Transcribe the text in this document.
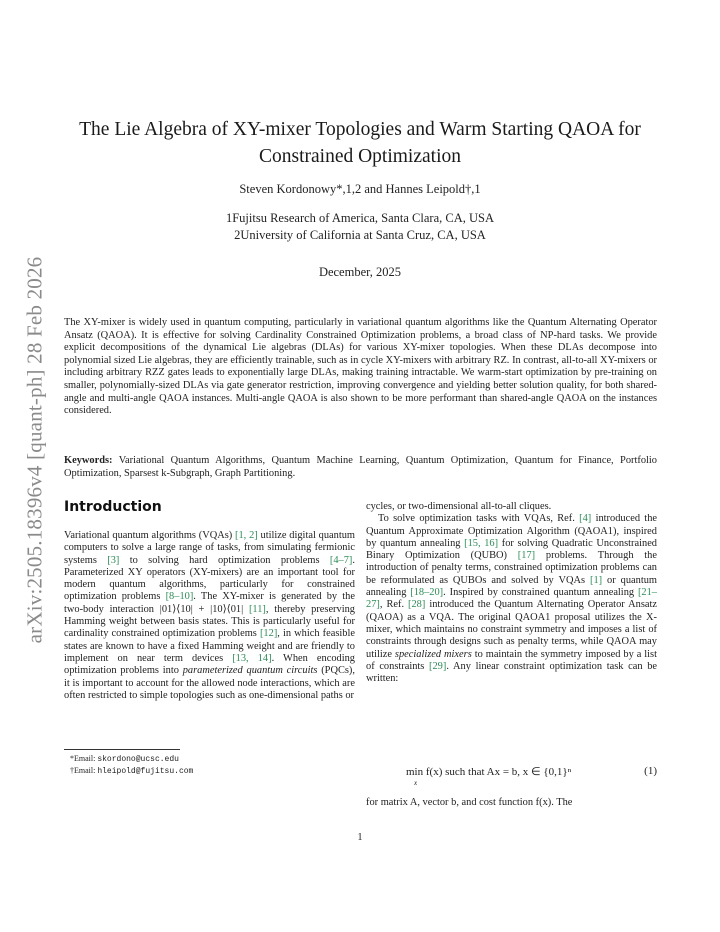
arXiv:2505.18396v4 [quant-ph] 28 Feb 2026
The Lie Algebra of XY-mixer Topologies and Warm Starting QAOA for Constrained Optimization
Steven Kordonowy*,1,2 and Hannes Leipold†,1
1Fujitsu Research of America, Santa Clara, CA, USA
2University of California at Santa Cruz, CA, USA
December, 2025
The XY-mixer is widely used in quantum computing, particularly in variational quantum algorithms like the Quantum Alternating Operator Ansatz (QAOA). It is effective for solving Cardinality Constrained Optimization problems, a broad class of NP-hard tasks. We provide explicit decompositions of the dynamical Lie algebras (DLAs) for various XY-mixer topologies. When these DLAs decompose into polynomial sized Lie algebras, they are efficiently trainable, such as in cycle XY-mixers with arbitrary RZ. In contrast, all-to-all XY-mixers or including arbitrary RZZ gates leads to exponentially large DLAs, making training intractable. We warm-start optimization by pre-training on smaller, polynomially-sized DLAs via gate generator restriction, improving convergence and yielding better solution quality, for both shared-angle and multi-angle QAOA instances. Multi-angle QAOA is also shown to be more performant than shared-angle QAOA on the instances considered.
Keywords: Variational Quantum Algorithms, Quantum Machine Learning, Quantum Optimization, Quantum for Finance, Portfolio Optimization, Sparsest k-Subgraph, Graph Partitioning.
Introduction
Variational quantum algorithms (VQAs) [1, 2] utilize digital quantum computers to solve a large range of tasks, from simulating fermionic systems [3] to solving hard optimization problems [4–7]. Parameterized XY operators (XY-mixers) are an important tool for modern quantum algorithms, particularly for constrained optimization problems [8–10]. The XY-mixer is generated by the two-body interaction |01⟩⟨10| + |10⟩⟨01| [11], thereby preserving Hamming weight between basis states. This is particularly useful for cardinality constrained optimization problems [12], in which feasible states are known to have a fixed Hamming weight and are friendly to implement on near term devices [13, 14]. When encoding optimization problems into parameterized quantum circuits (PQCs), it is important to account for the allowed node interactions, which are often restricted to simple topologies such as one-dimensional paths or
cycles, or two-dimensional all-to-all cliques.
To solve optimization tasks with VQAs, Ref. [4] introduced the Quantum Approximate Optimization Algorithm (QAOA1), inspired by quantum annealing [15, 16] for solving Quadratic Unconstrained Binary Optimization (QUBO) [17] problems. Through the introduction of penalty terms, constrained optimization problems can be reformulated as QUBOs and solved by VQAs [1] or quantum annealing [18–20]. Inspired by constrained quantum annealing [21–27], Ref. [28] introduced the Quantum Alternating Operator Ansatz (QAOA) as a VQA. The original QAOA1 proposal utilizes the X-mixer, which maintains no constraint symmetry and imposes a list of constraints through designs such as penalty terms, while QAOA may utilize specialized mixers to maintain the symmetry imposed by a list of constraints [29]. Any linear constraint optimization task can be written:
min f(x) such that Ax = b, x ∈ {0,1}ⁿ
x
(1)
for matrix A, vector b, and cost function f(x). The
*Email: skordono@ucsc.edu
†Email: hleipold@fujitsu.com
1
